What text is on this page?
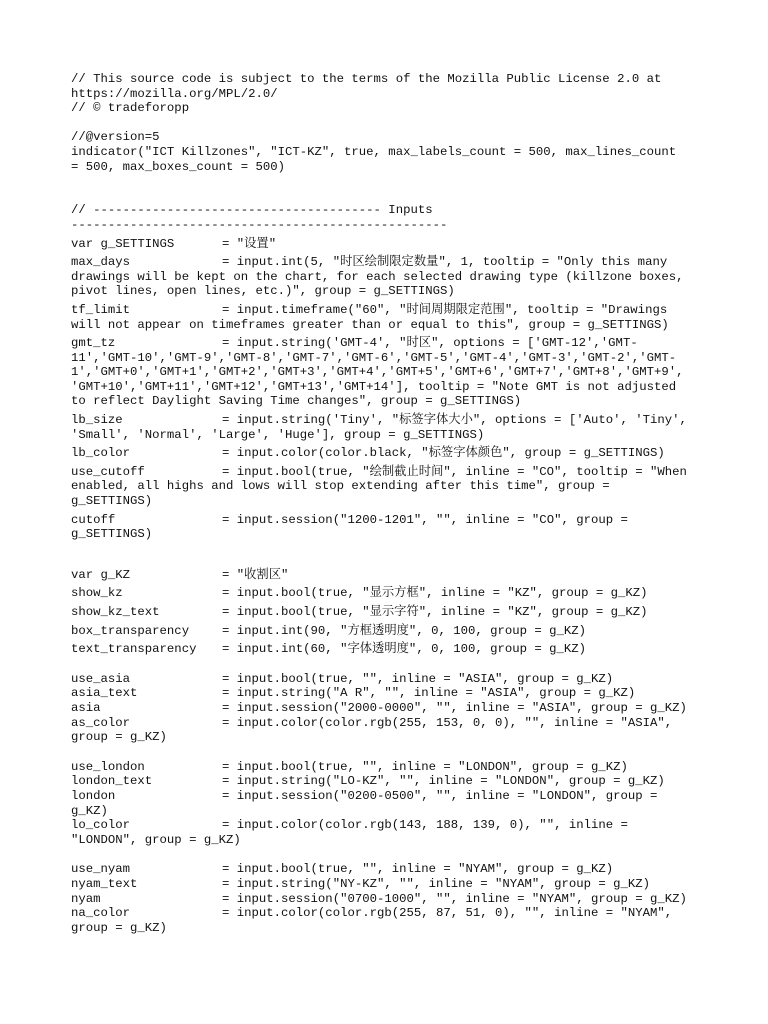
// This source code is subject to the terms of the Mozilla Public License 2.0 at
https://mozilla.org/MPL/2.0/
// © tradeforopp
//@version=5
indicator("ICT Killzones", "ICT-KZ", true, max_labels_count = 500, max_lines_count
= 500, max_boxes_count = 500)
// --------------------------------------- Inputs
---------------------------------------------------
var g_SETTINGS	= "设置"
max_days	= input.int(5, "时区绘制限定数量", 1, tooltip = "Only this many
drawings will be kept on the chart, for each selected drawing type (killzone boxes,
pivot lines, open lines, etc.)", group = g_SETTINGS)
tf_limit	= input.timeframe("60", "时间周期限定范围", tooltip = "Drawings
will not appear on timeframes greater than or equal to this", group = g_SETTINGS)
gmt_tz	= input.string('GMT-4', "时区", options = ['GMT-12','GMT-
11','GMT-10','GMT-9','GMT-8','GMT-7','GMT-6','GMT-5','GMT-4','GMT-3','GMT-2','GMT-
1','GMT+0','GMT+1','GMT+2','GMT+3','GMT+4','GMT+5','GMT+6','GMT+7','GMT+8','GMT+9',
'GMT+10','GMT+11','GMT+12','GMT+13','GMT+14'], tooltip = "Note GMT is not adjusted
to reflect Daylight Saving Time changes", group = g_SETTINGS)
lb_size	= input.string('Tiny', "标签字体大小", options = ['Auto', 'Tiny',
'Small', 'Normal', 'Large', 'Huge'], group = g_SETTINGS)
lb_color	= input.color(color.black, "标签字体颜色", group = g_SETTINGS)
use_cutoff	= input.bool(true, "绘制截止时间", inline = "CO", tooltip = "When
enabled, all highs and lows will stop extending after this time", group =
g_SETTINGS)
cutoff	= input.session("1200-1201", "", inline = "CO", group =
g_SETTINGS)
var g_KZ	= "收割区"
show_kz	= input.bool(true, "显示方框", inline = "KZ", group = g_KZ)
show_kz_text	= input.bool(true, "显示字符", inline = "KZ", group = g_KZ)
box_transparency	= input.int(90, "方框透明度", 0, 100, group = g_KZ)
text_transparency	= input.int(60, "字体透明度", 0, 100, group = g_KZ)
use_asia	= input.bool(true, "", inline = "ASIA", group = g_KZ)
asia_text	= input.string("A R", "", inline = "ASIA", group = g_KZ)
asia	= input.session("2000-0000", "", inline = "ASIA", group = g_KZ)
as_color	= input.color(color.rgb(255, 153, 0, 0), "", inline = "ASIA",
group = g_KZ)
use_london	= input.bool(true, "", inline = "LONDON", group = g_KZ)
london_text	= input.string("LO-KZ", "", inline = "LONDON", group = g_KZ)
london	= input.session("0200-0500", "", inline = "LONDON", group =
g_KZ)
lo_color	= input.color(color.rgb(143, 188, 139, 0), "", inline =
"LONDON", group = g_KZ)
use_nyam	= input.bool(true, "", inline = "NYAM", group = g_KZ)
nyam_text	= input.string("NY-KZ", "", inline = "NYAM", group = g_KZ)
nyam	= input.session("0700-1000", "", inline = "NYAM", group = g_KZ)
na_color	= input.color(color.rgb(255, 87, 51, 0), "", inline = "NYAM",
group = g_KZ)
